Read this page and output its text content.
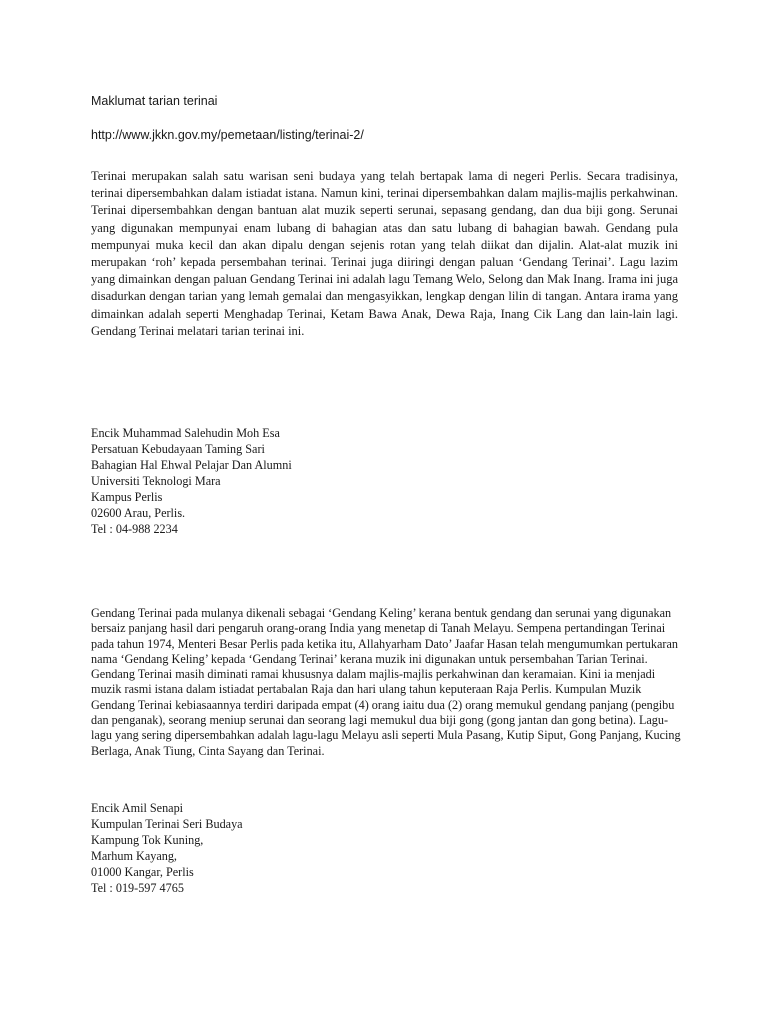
Maklumat tarian terinai
http://www.jkkn.gov.my/pemetaan/listing/terinai-2/

Terinai merupakan salah satu warisan seni budaya yang telah bertapak lama di negeri Perlis. Secara tradisinya, terinai dipersembahkan dalam istiadat istana. Namun kini, terinai dipersembahkan dalam majlis-majlis perkahwinan. Terinai dipersembahkan dengan bantuan alat muzik seperti serunai, sepasang gendang, dan dua biji gong. Serunai yang digunakan mempunyai enam lubang di bahagian atas dan satu lubang di bahagian bawah. Gendang pula mempunyai muka kecil dan akan dipalu dengan sejenis rotan yang telah diikat dan dijalin. Alat-alat muzik ini merupakan ‘roh’ kepada persembahan terinai. Terinai juga diiringi dengan paluan ‘Gendang Terinai’. Lagu lazim yang dimainkan dengan paluan Gendang Terinai ini adalah lagu Temang Welo, Selong dan Mak Inang. Irama ini juga disadurkan dengan tarian yang lemah gemalai dan mengasyikkan, lengkap dengan lilin di tangan. Antara irama yang dimainkan adalah seperti Menghadap Terinai, Ketam Bawa Anak, Dewa Raja, Inang Cik Lang dan lain-lain lagi. Gendang Terinai melatari tarian terinai ini.

Encik Muhammad Salehudin Moh Esa
Persatuan Kebudayaan Taming Sari
Bahagian Hal Ehwal Pelajar Dan Alumni
Universiti Teknologi Mara
Kampus Perlis
02600 Arau, Perlis.
Tel : 04-988 2234

Gendang Terinai pada mulanya dikenali sebagai ‘Gendang Keling’ kerana bentuk gendang dan serunai yang digunakan bersaiz panjang hasil dari pengaruh orang-orang India yang menetap di Tanah Melayu. Sempena pertandingan Terinai pada tahun 1974, Menteri Besar Perlis pada ketika itu, Allahyarham Dato’ Jaafar Hasan telah mengumumkan pertukaran nama ‘Gendang Keling’ kepada ‘Gendang Terinai’ kerana muzik ini digunakan untuk persembahan Tarian Terinai. Gendang Terinai masih diminati ramai khususnya dalam majlis-majlis perkahwinan dan keramaian. Kini ia menjadi muzik rasmi istana dalam istiadat pertabalan Raja dan hari ulang tahun keputeraan Raja Perlis. Kumpulan Muzik Gendang Terinai kebiasaannya terdiri daripada empat (4) orang iaitu dua (2) orang memukul gendang panjang (pengibu dan penganak), seorang meniup serunai dan seorang lagi memukul dua biji gong (gong jantan dan gong betina). Lagu-lagu yang sering dipersembahkan adalah lagu-lagu Melayu asli seperti Mula Pasang, Kutip Siput, Gong Panjang, Kucing Berlaga, Anak Tiung, Cinta Sayang dan Terinai.

Encik Amil Senapi
Kumpulan Terinai Seri Budaya
Kampung Tok Kuning,
Marhum Kayang,
01000 Kangar, Perlis
Tel : 019-597 4765
